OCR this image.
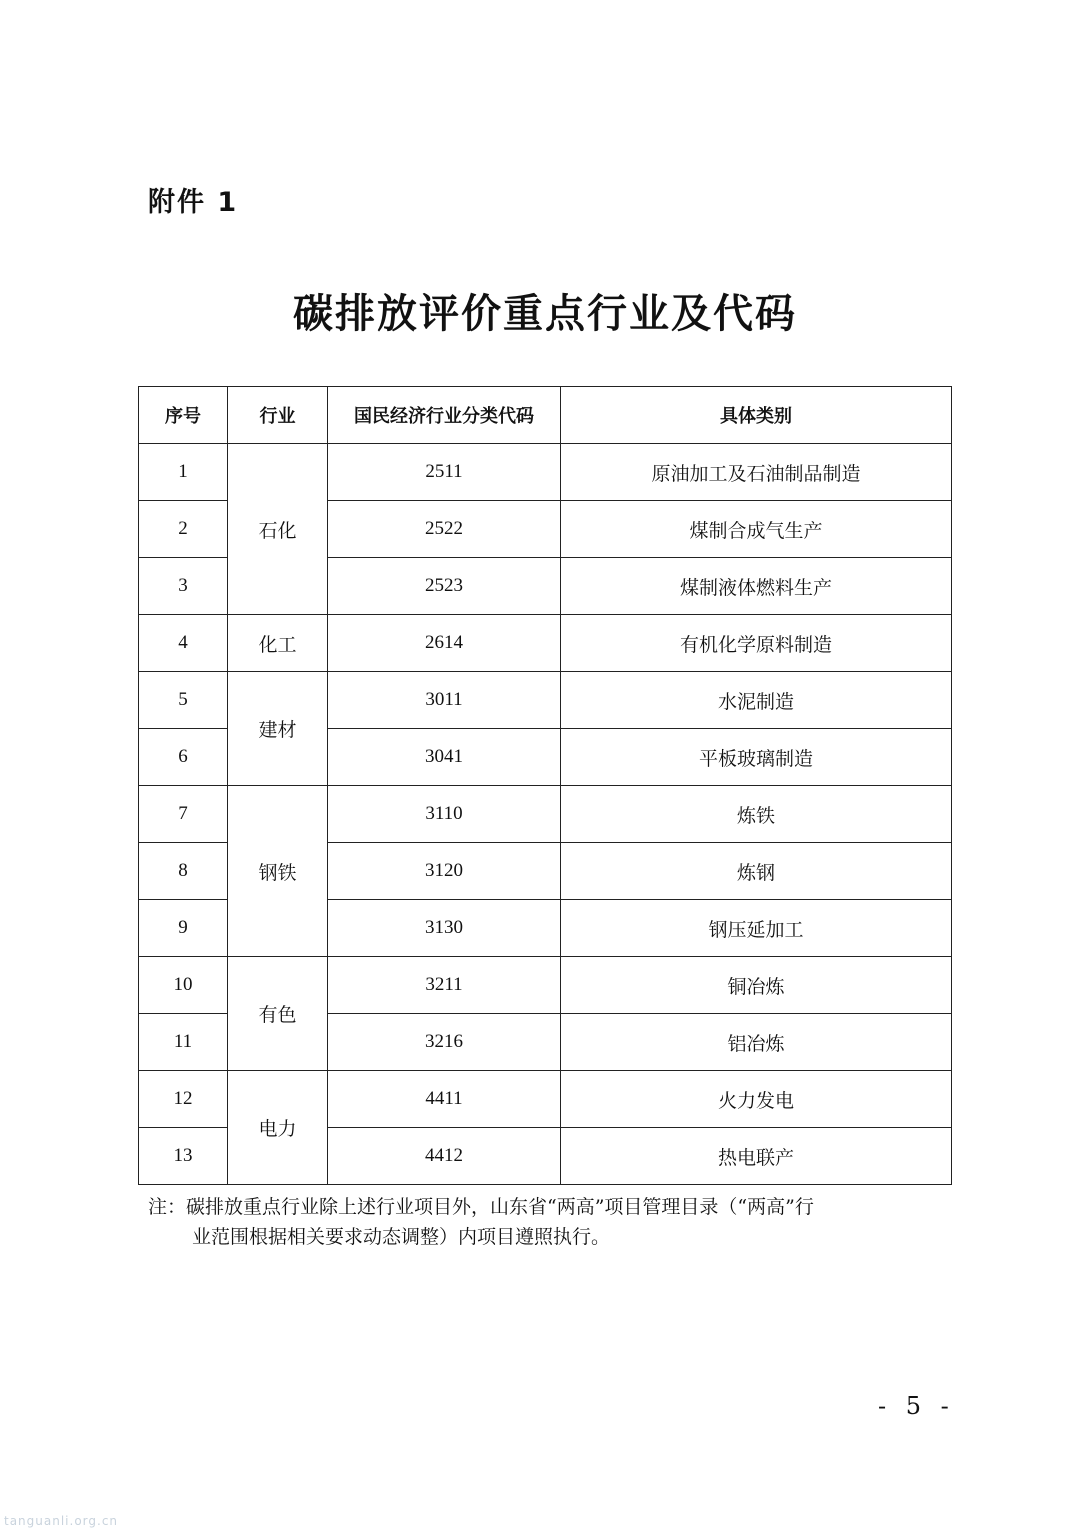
附件 1
碳排放评价重点行业及代码
序号	行业	国民经济行业分类代码	具体类别
1	石化	2511	原油加工及石油制品制造
2		2522	煤制合成气生产
3		2523	煤制液体燃料生产
4	化工	2614	有机化学原料制造
5	建材	3011	水泥制造
6		3041	平板玻璃制造
7	钢铁	3110	炼铁
8		3120	炼钢
9		3130	钢压延加工
10	有色	3211	铜冶炼
11		3216	铝冶炼
12	电力	4411	火力发电
13		4412	热电联产
注：碳排放重点行业除上述行业项目外，山东省“两高”项目管理目录（“两高”行
业范围根据相关要求动态调整）内项目遵照执行。
- 5 -
tanguanli.org.cn
